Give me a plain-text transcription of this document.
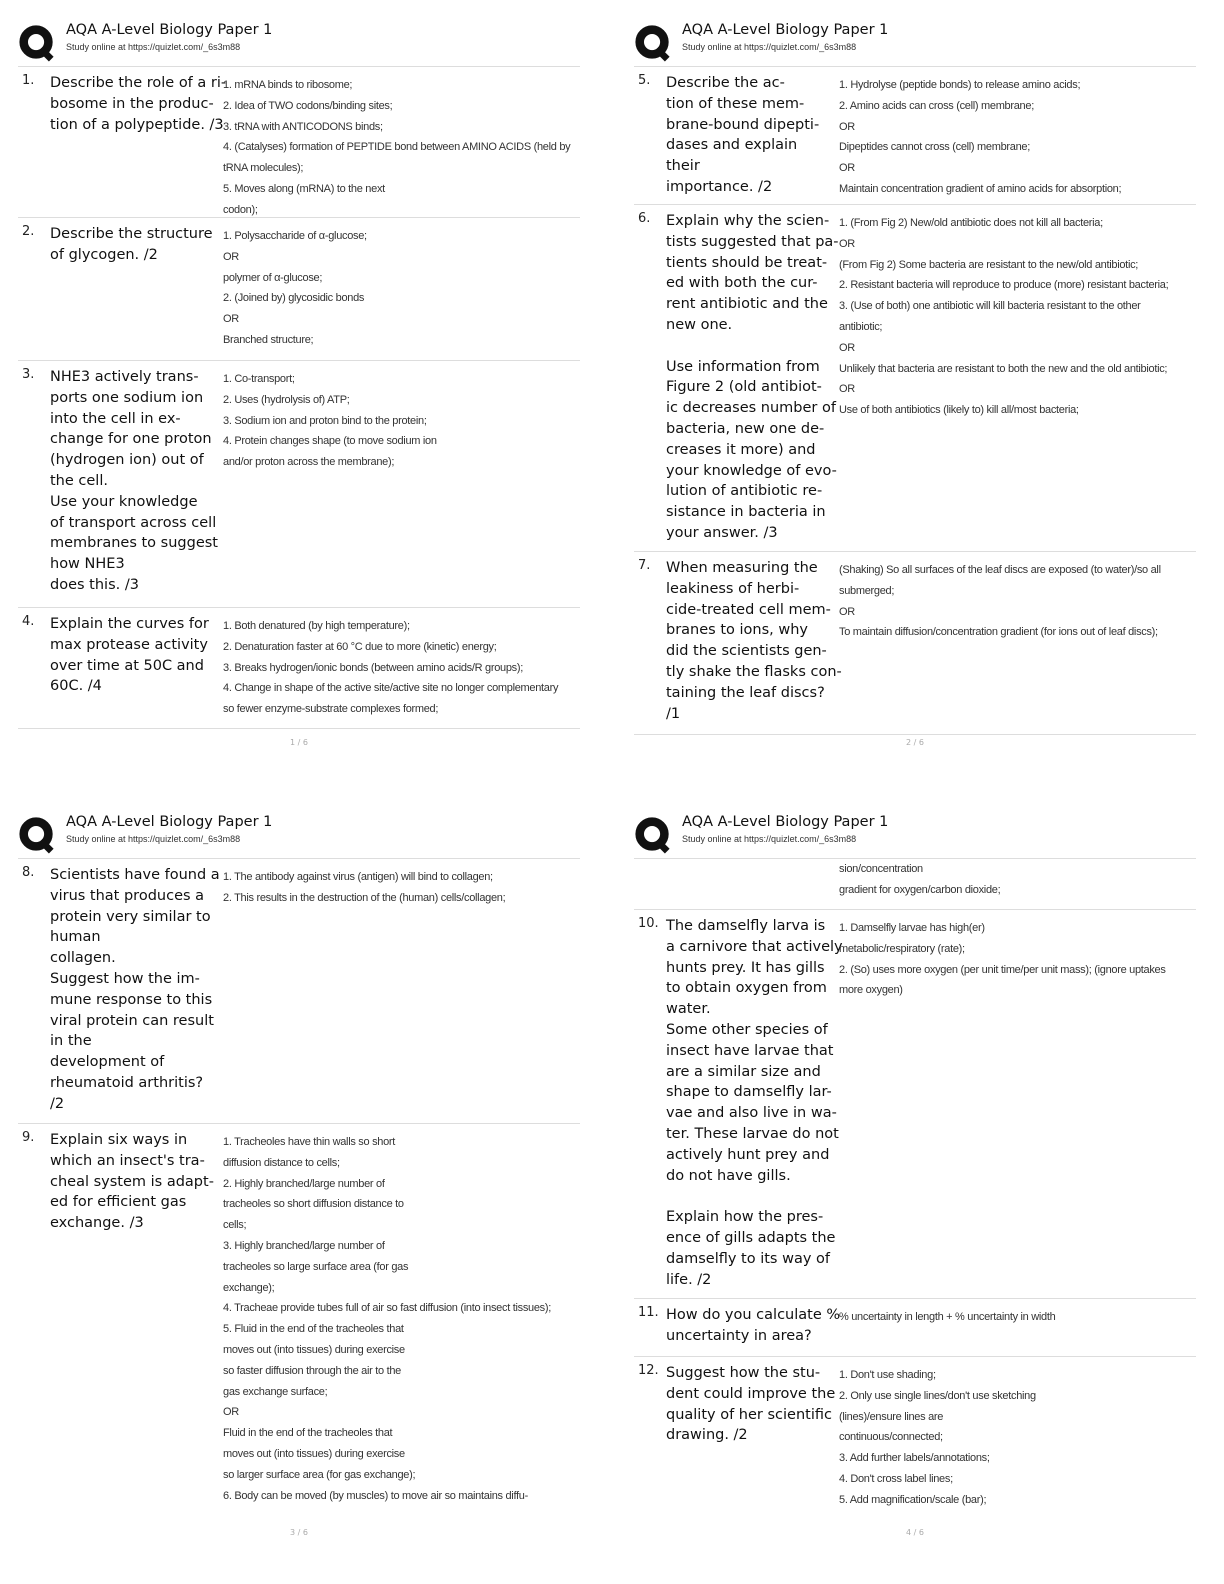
AQA A-Level Biology Paper 1
Study online at https://quizlet.com/_6s3m88
1. Describe the role of a ri-
bosome in the produc-
tion of a polypeptide. /3
1. mRNA binds to ribosome;
2. Idea of TWO codons/binding sites;
3. tRNA with ANTICODONS binds;
4. (Catalyses) formation of PEPTIDE bond between AMINO ACIDS (held by
tRNA molecules);
5. Moves along (mRNA) to the next
codon);
2. Describe the structure
of glycogen. /2
1. Polysaccharide of α-glucose;
OR
polymer of α-glucose;
2. (Joined by) glycosidic bonds
OR
Branched structure;
3. NHE3 actively trans-
ports one sodium ion
into the cell in ex-
change for one proton
(hydrogen ion) out of
the cell.
Use your knowledge
of transport across cell
membranes to suggest
how NHE3
does this. /3
1. Co-transport;
2. Uses (hydrolysis of) ATP;
3. Sodium ion and proton bind to the protein;
4. Protein changes shape (to move sodium ion
and/or proton across the membrane);
4. Explain the curves for
max protease activity
over time at 50C and
60C. /4
1. Both denatured (by high temperature);
2. Denaturation faster at 60 °C due to more (kinetic) energy;
3. Breaks hydrogen/ionic bonds (between amino acids/R groups);
4. Change in shape of the active site/active site no longer complementary
so fewer enzyme-substrate complexes formed;
1 / 6
AQA A-Level Biology Paper 1
Study online at https://quizlet.com/_6s3m88
5. Describe the ac-
tion of these mem-
brane-bound dipepti-
dases and explain
their
importance. /2
1. Hydrolyse (peptide bonds) to release amino acids;
2. Amino acids can cross (cell) membrane;
OR
Dipeptides cannot cross (cell) membrane;
OR
Maintain concentration gradient of amino acids for absorption;
6. Explain why the scien-
tists suggested that pa-
tients should be treat-
ed with both the cur-
rent antibiotic and the
new one.

Use information from
Figure 2 (old antibiot-
ic decreases number of
bacteria, new one de-
creases it more) and
your knowledge of evo-
lution of antibiotic re-
sistance in bacteria in
your answer. /3
1. (From Fig 2) New/old antibiotic does not kill all bacteria;
OR
(From Fig 2) Some bacteria are resistant to the new/old antibiotic;
2. Resistant bacteria will reproduce to produce (more) resistant bacteria;
3. (Use of both) one antibiotic will kill bacteria resistant to the other
antibiotic;
OR
Unlikely that bacteria are resistant to both the new and the old antibiotic;
OR
Use of both antibiotics (likely to) kill all/most bacteria;
7. When measuring the
leakiness of herbi-
cide-treated cell mem-
branes to ions, why
did the scientists gen-
tly shake the flasks con-
taining the leaf discs?
/1
(Shaking) So all surfaces of the leaf discs are exposed (to water)/so all
submerged;
OR
To maintain diffusion/concentration gradient (for ions out of leaf discs);
2 / 6
AQA A-Level Biology Paper 1
Study online at https://quizlet.com/_6s3m88
8. Scientists have found a
virus that produces a
protein very similar to
human
collagen.
Suggest how the im-
mune response to this
viral protein can result
in the
development of
rheumatoid arthritis?
/2
1. The antibody against virus (antigen) will bind to collagen;
2. This results in the destruction of the (human) cells/collagen;
9. Explain six ways in
which an insect's tra-
cheal system is adapt-
ed for efficient gas
exchange. /3
1. Tracheoles have thin walls so short
diffusion distance to cells;
2. Highly branched/large number of
tracheoles so short diffusion distance to
cells;
3. Highly branched/large number of
tracheoles so large surface area (for gas
exchange);
4. Tracheae provide tubes full of air so fast diffusion (into insect tissues);
5. Fluid in the end of the tracheoles that
moves out (into tissues) during exercise
so faster diffusion through the air to the
gas exchange surface;
OR
Fluid in the end of the tracheoles that
moves out (into tissues) during exercise
so larger surface area (for gas exchange);
6. Body can be moved (by muscles) to move air so maintains diffu-
3 / 6
AQA A-Level Biology Paper 1
Study online at https://quizlet.com/_6s3m88
sion/concentration
gradient for oxygen/carbon dioxide;
10. The damselfly larva is
a carnivore that actively
hunts prey. It has gills
to obtain oxygen from
water.
Some other species of
insect have larvae that
are a similar size and
shape to damselfly lar-
vae and also live in wa-
ter. These larvae do not
actively hunt prey and
do not have gills.

Explain how the pres-
ence of gills adapts the
damselfly to its way of
life. /2
1. Damselfly larvae has high(er)
metabolic/respiratory (rate);
2. (So) uses more oxygen (per unit time/per unit mass); (ignore uptakes
more oxygen)
11. How do you calculate %
uncertainty in area?
% uncertainty in length + % uncertainty in width
12. Suggest how the stu-
dent could improve the
quality of her scientific
drawing. /2
1. Don't use shading;
2. Only use single lines/don't use sketching
(lines)/ensure lines are
continuous/connected;
3. Add further labels/annotations;
4. Don't cross label lines;
5. Add magnification/scale (bar);
4 / 6
